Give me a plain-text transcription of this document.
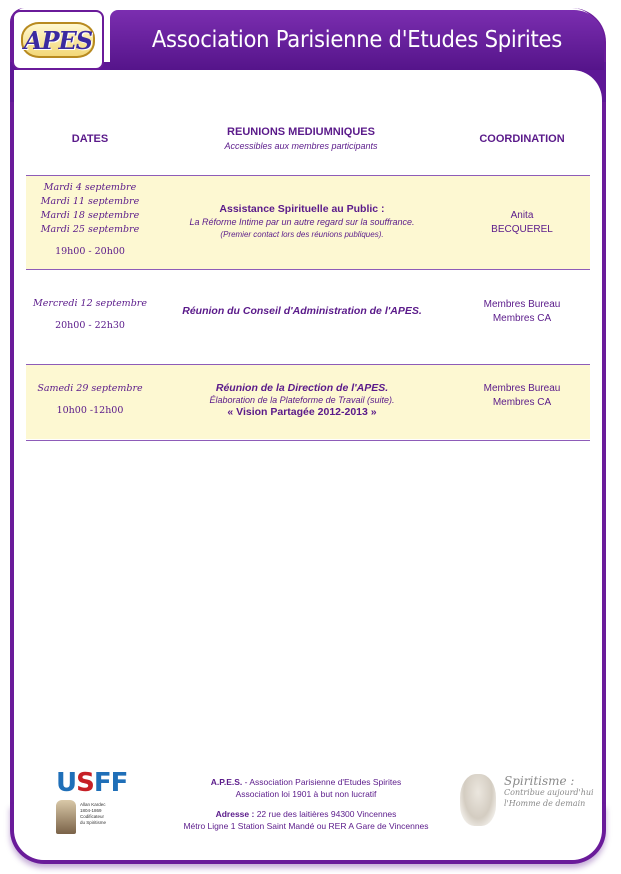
APES	Association Parisienne d'Etudes Spirites
DATES
REUNIONS MEDIUMNIQUES
Accessibles aux membres participants
COORDINATION
Mardi 4 septembre
Mardi 11 septembre
Mardi 18 septembre
Mardi 25 septembre
19h00 - 20h00
Assistance Spirituelle au Public :
La Réforme Intime par un autre regard sur la souffrance.
(Premier contact lors des réunions publiques).
Anita
BECQUEREL
Mercredi 12 septembre
20h00 - 22h30
Réunion du Conseil d'Administration de l'APES.
Membres Bureau
Membres CA
Samedi 29 septembre
10h00 -12h00
Réunion de la Direction de l'APES.
Élaboration de la Plateforme de Travail (suite).
« Vision Partagée 2012-2013 »
Membres Bureau
Membres CA
USFF
Allan Kardec
1804-1869
Codificateur
du Spiritisme
A.P.E.S. - Association Parisienne d'Etudes Spirites
Association loi 1901 à but non lucratif
Adresse : 22 rue des laitières 94300 Vincennes
Métro Ligne 1 Station Saint Mandé ou RER A Gare de Vincennes
Spiritisme :
Contribue aujourd'hui
l'Homme de demain
